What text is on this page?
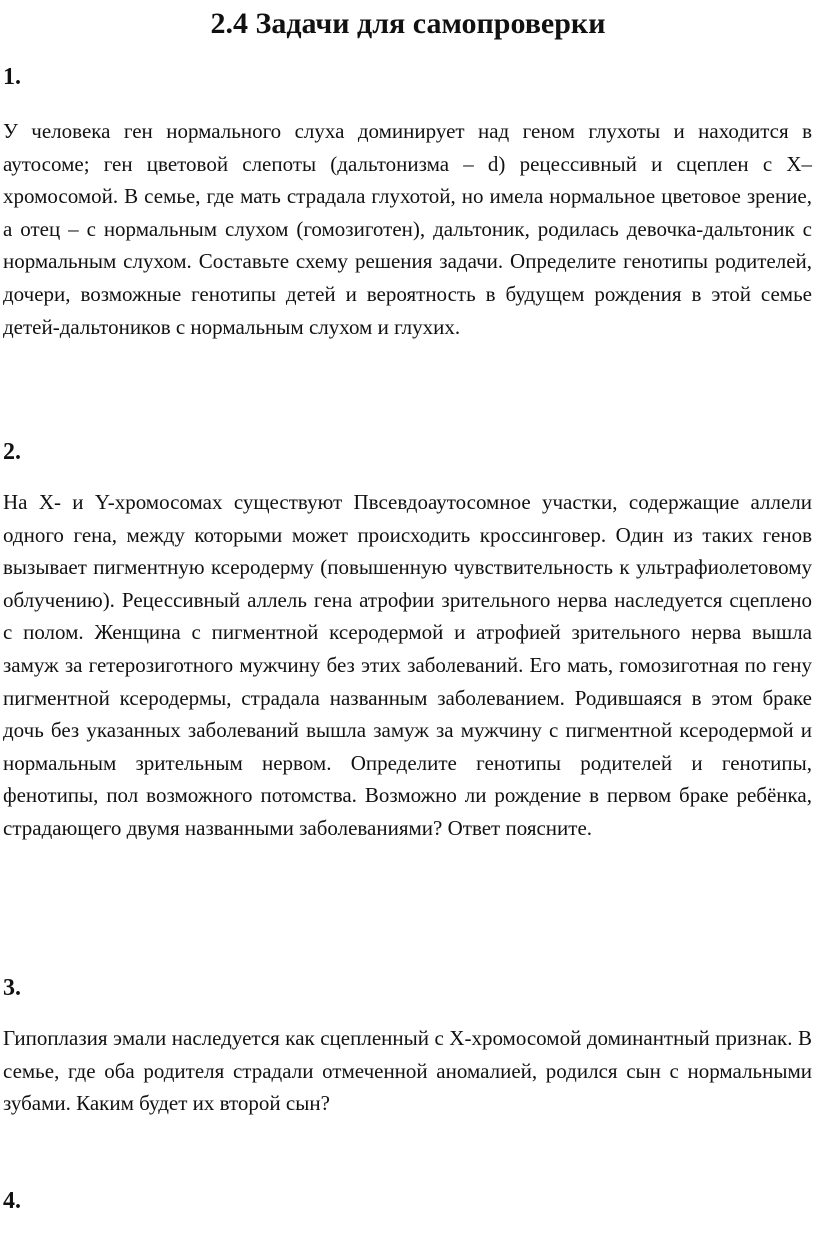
2.4 Задачи для самопроверки
1.

У человека ген нормального слуха доминирует над геном глухоты и находится в аутосоме; ген цветовой слепоты (дальтонизма – d) рецессивный и сцеплен с Х–хромосомой. В семье, где мать страдала глухотой, но имела нормальное цветовое зрение, а отец – с нормальным слухом (гомозиготен), дальтоник, родилась девочка-дальтоник с нормальным слухом. Составьте схему решения задачи. Определите генотипы родителей, дочери, возможные генотипы детей и вероятность в будущем рождения в этой семье детей-дальтоников с нормальным слухом и глухих.

2.

На Х- и Y-хромосомах существуют Пвсевдоаутосомное участки, содержащие аллели одного гена, между которыми может происходить кроссинговер. Один из таких генов вызывает пигментную ксеродерму (повышенную чувствительность к ультрафиолетовому облучению). Рецессивный аллель гена атрофии зрительного нерва наследуется сцеплено с полом. Женщина с пигментной ксеродермой и атрофией зрительного нерва вышла замуж за гетерозиготного мужчину без этих заболеваний. Его мать, гомозиготная по гену пигментной ксеродермы, страдала названным заболеванием. Родившаяся в этом браке дочь без указанных заболеваний вышла замуж за мужчину с пигментной ксеродермой и нормальным зрительным нервом. Определите генотипы родителей и генотипы, фенотипы, пол возможного потомства. Возможно ли рождение в первом браке ребёнка, страдающего двумя названными заболеваниями? Ответ поясните.

3.

Гипоплазия эмали наследуется как сцепленный с Х-хромосомой доминантный признак. В семье, где оба родителя страдали отмеченной аномалией, родился сын с нормальными зубами. Каким будет их второй сын?

4.
